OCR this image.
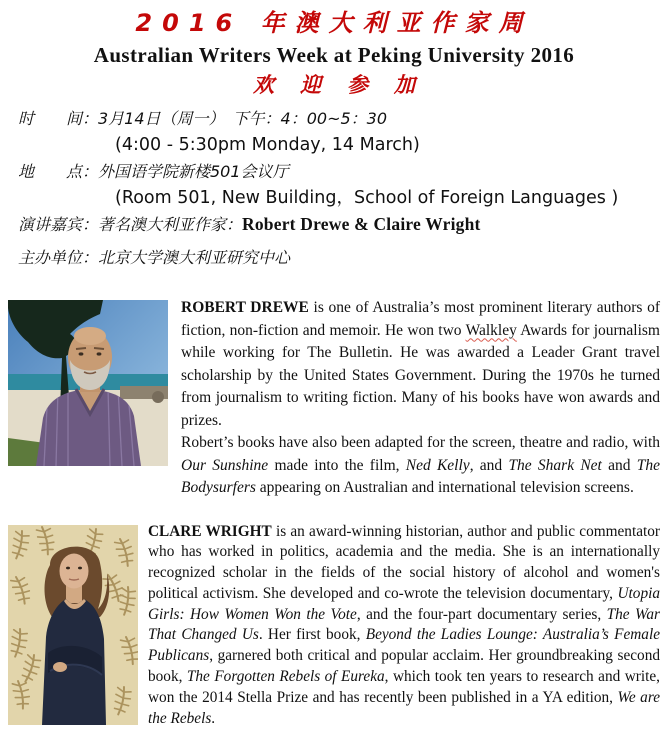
2016 年澳大利亚作家周

Australian Writers Week at Peking University 2016

欢迎参加

时　　间：3月14日（周一）　下午：4：00~5：30

(4:00 - 5:30pm Monday, 14 March)

地　　点：外国语学院新楼501会议厅

(Room 501, New Building，School of Foreign Languages )

演讲嘉宾：著名澳大利亚作家：Robert Drewe & Claire Wright

主办单位：北京大学澳大利亚研究中心

ROBERT DREWE is one of Australia’s most prominent literary authors of fiction, non-fiction and memoir. He won two Walkley Awards for journalism while working for The Bulletin. He was awarded a Leader Grant travel scholarship by the United States Government. During the 1970s he turned from journalism to writing fiction. Many of his books have won awards and prizes.

Robert’s books have also been adapted for the screen, theatre and radio, with Our Sunshine made into the film, Ned Kelly, and The Shark Net and The Bodysurfers appearing on Australian and international television screens.

CLARE WRIGHT is an award-winning historian, author and public commentator who has worked in politics, academia and the media. She is an internationally recognized scholar in the fields of the social history of alcohol and women's political activism. She developed and co-wrote the television documentary, Utopia Girls: How Women Won the Vote, and the four-part documentary series, The War That Changed Us. Her first book, Beyond the Ladies Lounge: Australia’s Female Publicans, garnered both critical and popular acclaim. Her groundbreaking second book, The Forgotten Rebels of Eureka, which took ten years to research and write, won the 2014 Stella Prize and has recently been published in a YA edition, We are the Rebels.
